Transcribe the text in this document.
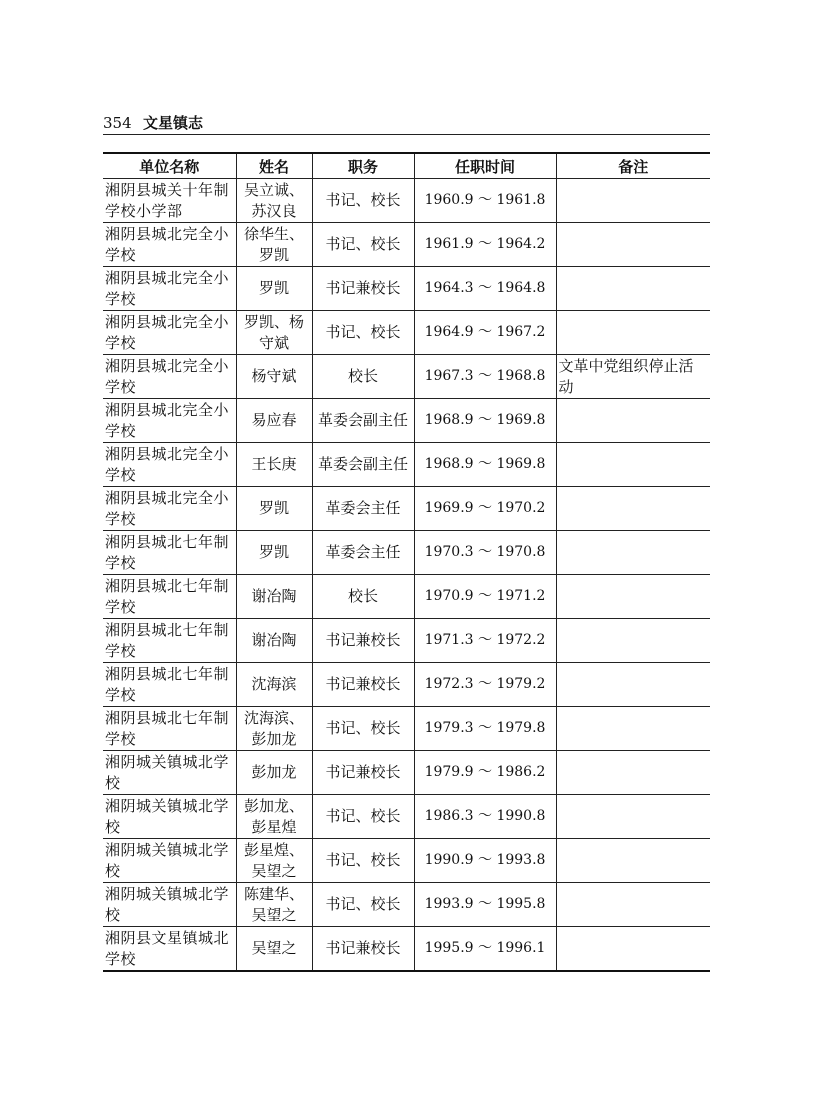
354 文星镇志
单位名称	姓名	职务	任职时间	备注
湘阴县城关十年制学校小学部	吴立诚、苏汉良	书记、校长	1960.9 ～ 1961.8	
湘阴县城北完全小学校	徐华生、罗凯	书记、校长	1961.9 ～ 1964.2	
湘阴县城北完全小学校	罗凯	书记兼校长	1964.3 ～ 1964.8	
湘阴县城北完全小学校	罗凯、杨守斌	书记、校长	1964.9 ～ 1967.2	
湘阴县城北完全小学校	杨守斌	校长	1967.3 ～ 1968.8	文革中党组织停止活动
湘阴县城北完全小学校	易应春	革委会副主任	1968.9 ～ 1969.8	
湘阴县城北完全小学校	王长庚	革委会副主任	1968.9 ～ 1969.8	
湘阴县城北完全小学校	罗凯	革委会主任	1969.9 ～ 1970.2	
湘阴县城北七年制学校	罗凯	革委会主任	1970.3 ～ 1970.8	
湘阴县城北七年制学校	谢冶陶	校长	1970.9 ～ 1971.2	
湘阴县城北七年制学校	谢冶陶	书记兼校长	1971.3 ～ 1972.2	
湘阴县城北七年制学校	沈海滨	书记兼校长	1972.3 ～ 1979.2	
湘阴县城北七年制学校	沈海滨、彭加龙	书记、校长	1979.3 ～ 1979.8	
湘阴城关镇城北学校	彭加龙	书记兼校长	1979.9 ～ 1986.2	
湘阴城关镇城北学校	彭加龙、彭星煌	书记、校长	1986.3 ～ 1990.8	
湘阴城关镇城北学校	彭星煌、吴望之	书记、校长	1990.9 ～ 1993.8	
湘阴城关镇城北学校	陈建华、吴望之	书记、校长	1993.9 ～ 1995.8	
湘阴县文星镇城北学校	吴望之	书记兼校长	1995.9 ～ 1996.1	
